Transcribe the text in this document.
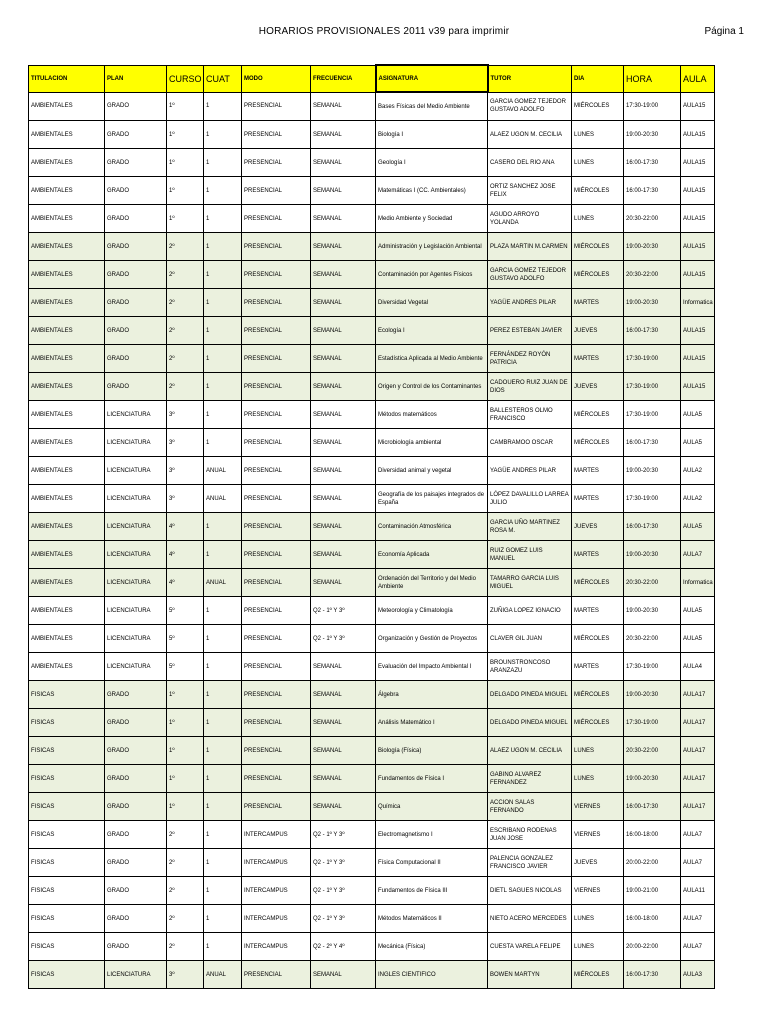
HORARIOS PROVISIONALES 2011 v39 para imprimir	Página 1
TITULACION	PLAN	CURSO	CUAT	MODO	FRECUENCIA	ASIGNATURA	TUTOR	DIA	HORA	AULA
AMBIENTALES	GRADO	1º	1	PRESENCIAL	SEMANAL	Bases Físicas del Medio Ambiente	GARCIA GOMEZ TEJEDOR GUSTAVO ADOLFO	MIÉRCOLES	17:30-19:00	AULA15
AMBIENTALES	GRADO	1º	1	PRESENCIAL	SEMANAL	Biología I	ALAEZ UGON M. CECILIA	LUNES	19:00-20:30	AULA15
AMBIENTALES	GRADO	1º	1	PRESENCIAL	SEMANAL	Geología I	CASERO DEL RIO ANA	LUNES	16:00-17:30	AULA15
AMBIENTALES	GRADO	1º	1	PRESENCIAL	SEMANAL	Matemáticas I (CC. Ambientales)	ORTIZ SANCHEZ JOSE FELIX	MIÉRCOLES	16:00-17:30	AULA15
AMBIENTALES	GRADO	1º	1	PRESENCIAL	SEMANAL	Medio Ambiente y Sociedad	AGUDO ARROYO YOLANDA	LUNES	20:30-22:00	AULA15
AMBIENTALES	GRADO	2º	1	PRESENCIAL	SEMANAL	Administración y Legislación Ambiental	PLAZA MARTIN M.CARMEN	MIÉRCOLES	19:00-20:30	AULA15
AMBIENTALES	GRADO	2º	1	PRESENCIAL	SEMANAL	Contaminación por Agentes Físicos	GARCIA GOMEZ TEJEDOR GUSTAVO ADOLFO	MIÉRCOLES	20:30-22:00	AULA15
AMBIENTALES	GRADO	2º	1	PRESENCIAL	SEMANAL	Diversidad Vegetal	YAGÜE ANDRES PILAR	MARTES	19:00-20:30	Informatica
AMBIENTALES	GRADO	2º	1	PRESENCIAL	SEMANAL	Ecología I	PEREZ ESTEBAN JAVIER	JUEVES	16:00-17:30	AULA15
AMBIENTALES	GRADO	2º	1	PRESENCIAL	SEMANAL	Estadística Aplicada al Medio Ambiente	FERNÁNDEZ ROYÓN PATRICIA	MARTES	17:30-19:00	AULA15
AMBIENTALES	GRADO	2º	1	PRESENCIAL	SEMANAL	Origen y Control de los Contaminantes	CADOUERO RUIZ JUAN DE DIOS	JUEVES	17:30-19:00	AULA15
AMBIENTALES	LICENCIATURA	3º	1	PRESENCIAL	SEMANAL	Métodos matemáticos	BALLESTEROS OLMO FRANCISCO	MIÉRCOLES	17:30-19:00	AULA5
AMBIENTALES	LICENCIATURA	3º	1	PRESENCIAL	SEMANAL	Microbiología ambiental	CAMBRAMOO OSCAR	MIÉRCOLES	16:00-17:30	AULA5
AMBIENTALES	LICENCIATURA	3º	ANUAL	PRESENCIAL	SEMANAL	Diversidad animal y vegetal	YAGÜE ANDRES PILAR	MARTES	19:00-20:30	AULA2
AMBIENTALES	LICENCIATURA	3º	ANUAL	PRESENCIAL	SEMANAL	Geografía de los paisajes integrados de España	LÓPEZ DAVALILLO LARREA JULIO	MARTES	17:30-19:00	AULA2
AMBIENTALES	LICENCIATURA	4º	1	PRESENCIAL	SEMANAL	Contaminación Atmosférica	GARCIA UÑO MARTINEZ ROSA M.	JUEVES	16:00-17:30	AULA5
AMBIENTALES	LICENCIATURA	4º	1	PRESENCIAL	SEMANAL	Economía Aplicada	RUIZ GOMEZ LUIS MANUEL	MARTES	19:00-20:30	AULA7
AMBIENTALES	LICENCIATURA	4º	ANUAL	PRESENCIAL	SEMANAL	Ordenación del Territorio y del Medio Ambiente	TAMARRO GARCIA LUIS MIGUEL	MIÉRCOLES	20:30-22:00	Informatica
AMBIENTALES	LICENCIATURA	5º	1	PRESENCIAL	Q2 - 1º Y 3º	Meteorología y Climatología	ZUÑIGA LOPEZ IGNACIO	MARTES	19:00-20:30	AULA5
AMBIENTALES	LICENCIATURA	5º	1	PRESENCIAL	Q2 - 1º Y 3º	Organización y Gestión de Proyectos	CLAVER GIL JUAN	MIÉRCOLES	20:30-22:00	AULA5
AMBIENTALES	LICENCIATURA	5º	1	PRESENCIAL	SEMANAL	Evaluación del Impacto Ambiental I	BROUNSTRONCOSO ARANZAZU	MARTES	17:30-19:00	AULA4
FISICAS	GRADO	1º	1	PRESENCIAL	SEMANAL	Álgebra	DELGADO PINEDA MIGUEL	MIÉRCOLES	19:00-20:30	AULA17
FISICAS	GRADO	1º	1	PRESENCIAL	SEMANAL	Análisis Matemático I	DELGADO PINEDA MIGUEL	MIÉRCOLES	17:30-19:00	AULA17
FISICAS	GRADO	1º	1	PRESENCIAL	SEMANAL	Biología (Física)	ALAEZ UGON M. CECILIA	LUNES	20:30-22:00	AULA17
FISICAS	GRADO	1º	1	PRESENCIAL	SEMANAL	Fundamentos de Física I	GABINO ALVAREZ FERNANDEZ	LUNES	19:00-20:30	AULA17
FISICAS	GRADO	1º	1	PRESENCIAL	SEMANAL	Química	ACCION SALAS FERNANDO	VIERNES	16:00-17:30	AULA17
FISICAS	GRADO	2º	1	INTERCAMPUS	Q2 - 1º Y 3º	Electromagnetismo I	ESCRIBANO RODENAS JUAN JOSE	VIERNES	16:00-18:00	AULA7
FISICAS	GRADO	2º	1	INTERCAMPUS	Q2 - 1º Y 3º	Física Computacional II	PALENCIA GONZALEZ FRANCISCO JAVIER	JUEVES	20:00-22:00	AULA7
FISICAS	GRADO	2º	1	INTERCAMPUS	Q2 - 1º Y 3º	Fundamentos de Física III	DIETL SAGUES NICOLAS	VIERNES	19:00-21:00	AULA11
FISICAS	GRADO	2º	1	INTERCAMPUS	Q2 - 1º Y 3º	Métodos Matemáticos II	NIETO ACERO MERCEDES	LUNES	16:00-18:00	AULA7
FISICAS	GRADO	2º	1	INTERCAMPUS	Q2 - 2º Y 4º	Mecánica (Física)	CUESTA VARELA FELIPE	LUNES	20:00-22:00	AULA7
FISICAS	LICENCIATURA	3º	ANUAL	PRESENCIAL	SEMANAL	INGLES CIENTIFICO	BOWEN MARTYN	MIÉRCOLES	16:00-17:30	AULA3
